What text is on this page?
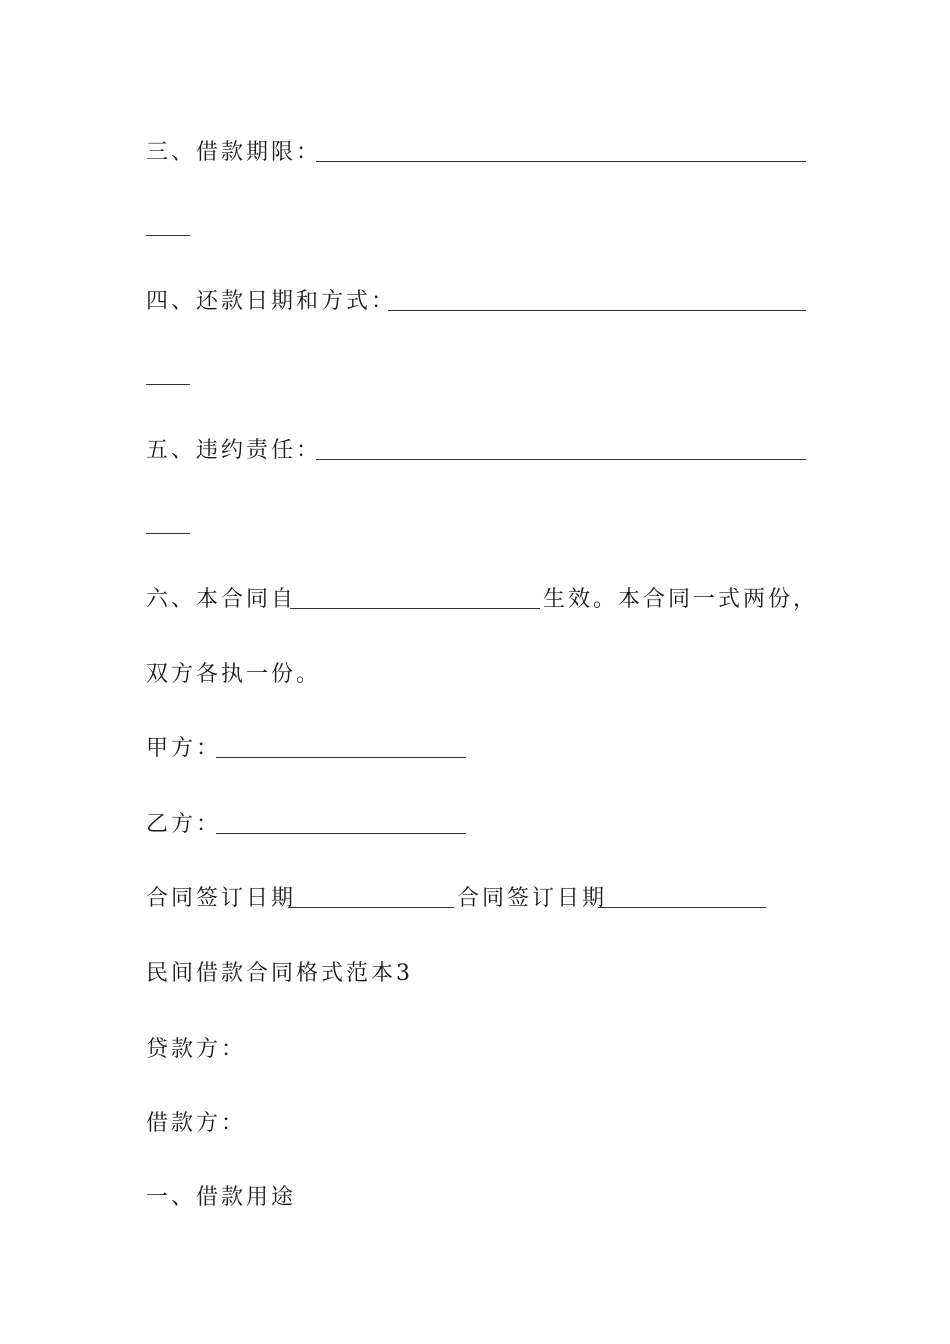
三、借款期限：
四、还款日期和方式：
五、违约责任：
六、本合同自	生效。本合同一式两份，
双方各执一份。
甲方：
乙方：
合同签订日期	合同签订日期
民间借款合同格式范本3
贷款方：
借款方：
一、借款用途
